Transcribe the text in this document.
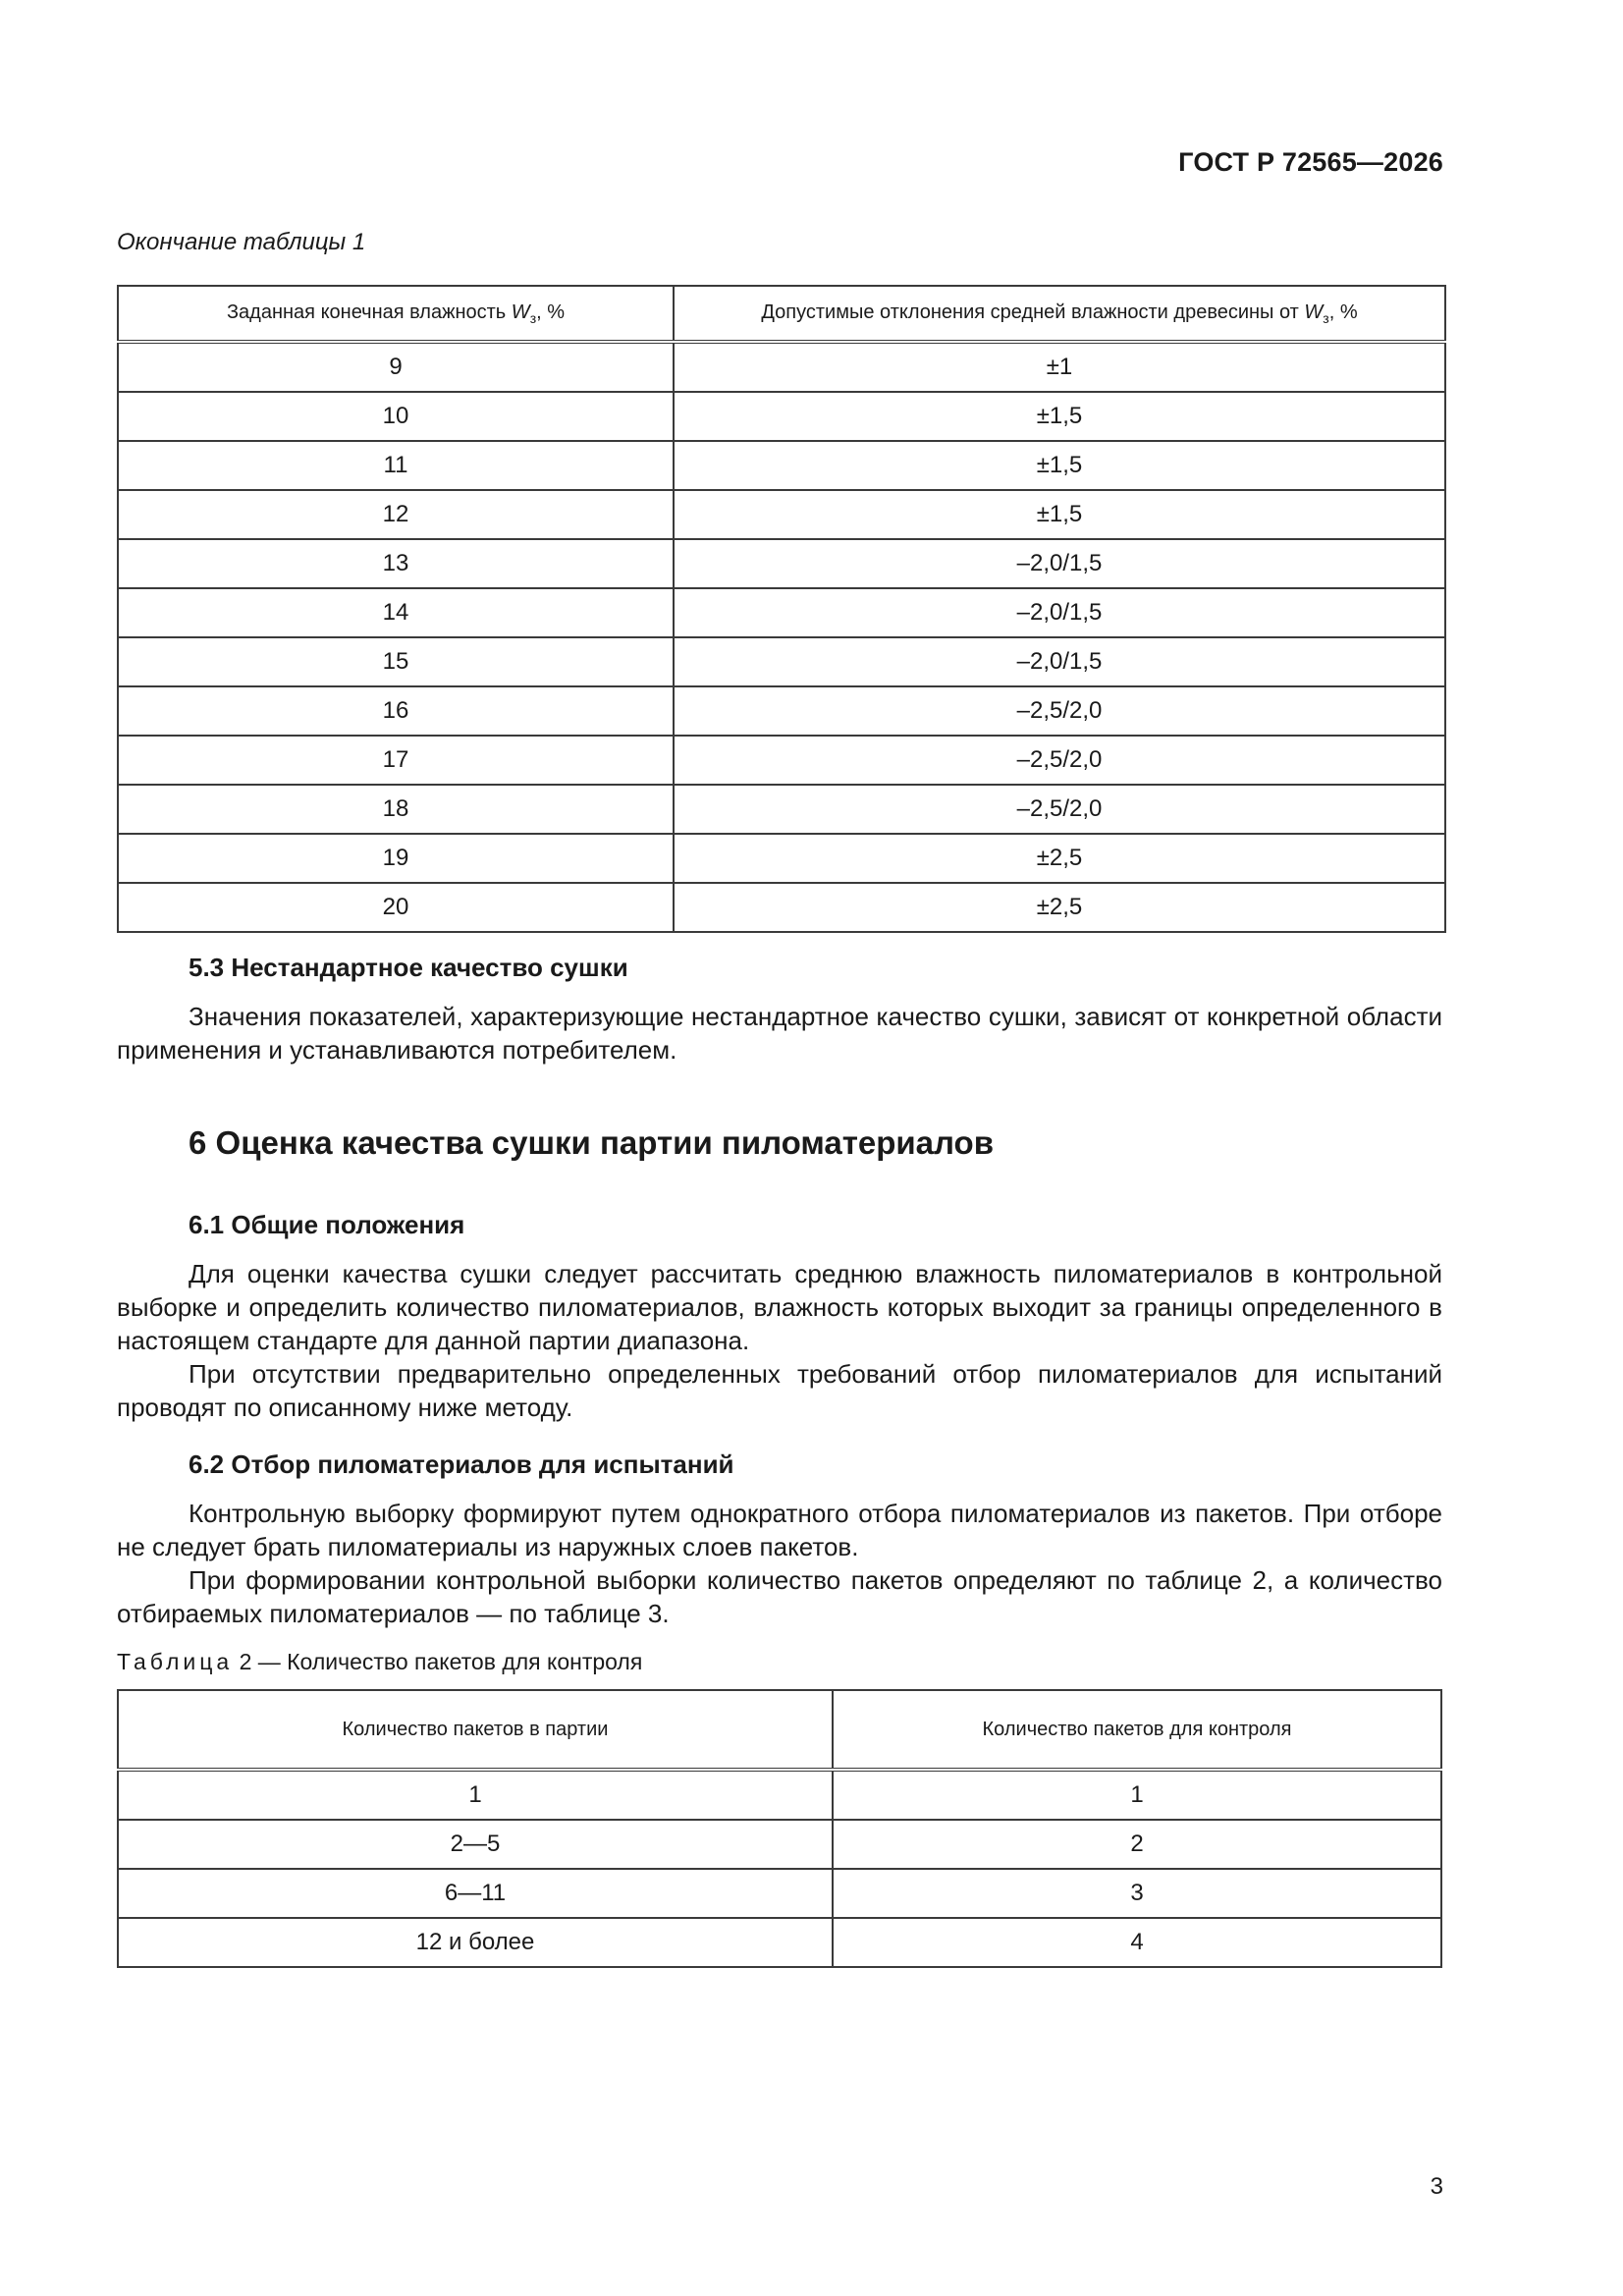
ГОСТ Р 72565—2026
Окончание таблицы 1
Заданная конечная влажность $W_з$, %	Допустимые отклонения средней влажности древесины от $W_з$, %
9	±1
10	±1,5
11	±1,5
12	±1,5
13	–2,0/1,5
14	–2,0/1,5
15	–2,0/1,5
16	–2,5/2,0
17	–2,5/2,0
18	–2,5/2,0
19	±2,5
20	±2,5
5.3 Нестандартное качество сушки

Значения показателей, характеризующие нестандартное качество сушки, зависят от конкретной области применения и устанавливаются потребителем.

6 Оценка качества сушки партии пиломатериалов
6.1 Общие положения

Для оценки качества сушки следует рассчитать среднюю влажность пиломатериалов в контрольной выборке и определить количество пиломатериалов, влажность которых выходит за границы определенного в настоящем стандарте для данной партии диапазона.

При отсутствии предварительно определенных требований отбор пиломатериалов для испытаний проводят по описанному ниже методу.

6.2 Отбор пиломатериалов для испытаний

Контрольную выборку формируют путем однократного отбора пиломатериалов из пакетов. При отборе не следует брать пиломатериалы из наружных слоев пакетов.

При формировании контрольной выборки количество пакетов определяют по таблице 2, а количество отбираемых пиломатериалов — по таблице 3.

Таблица 2 — Количество пакетов для контроля
Количество пакетов в партии	Количество пакетов для контроля
1	1
2—5	2
6—11	3
12 и более	4
3
